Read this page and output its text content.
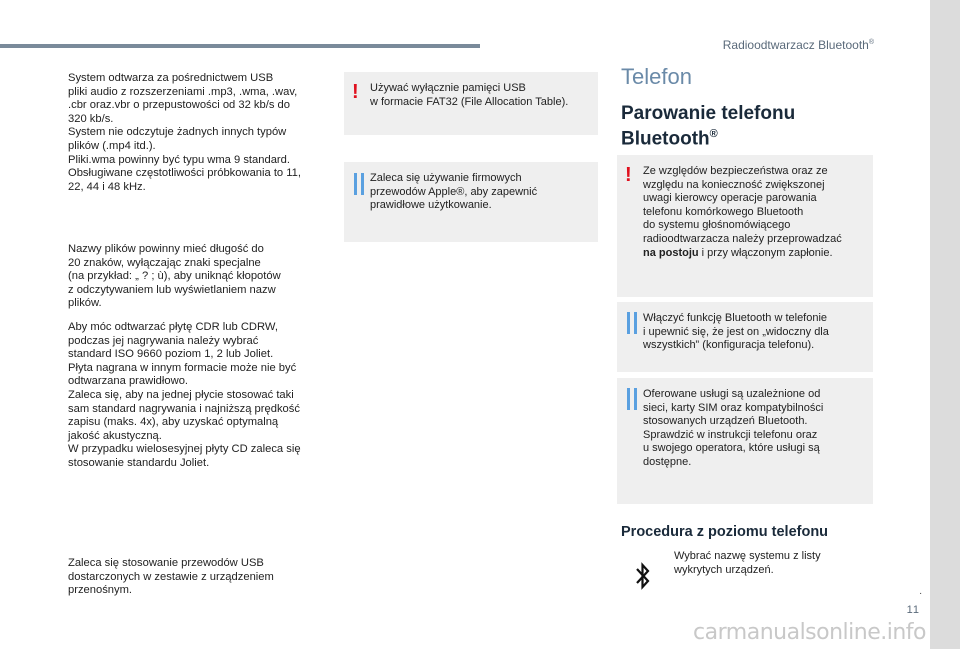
Radioodtwarzacz Bluetooth®
System odtwarza za pośrednictwem USB
pliki audio z rozszerzeniami .mp3, .wma, .wav,
.cbr oraz.vbr o przepustowości od 32 kb/s do
320 kb/s.
System nie odczytuje żadnych innych typów
plików (.mp4 itd.).
Pliki.wma powinny być typu wma 9 standard.
Obsługiwane częstotliwości próbkowania to 11,
22, 44 i 48 kHz.
Nazwy plików powinny mieć długość do
20 znaków, wyłączając znaki specjalne
(na przykład: „ ? ; ù), aby uniknąć kłopotów
z odczytywaniem lub wyświetlaniem nazw
plików.
Aby móc odtwarzać płytę CDR lub CDRW,
podczas jej nagrywania należy wybrać
standard ISO 9660 poziom 1, 2 lub Joliet.
Płyta nagrana w innym formacie może nie być
odtwarzana prawidłowo.
Zaleca się, aby na jednej płycie stosować taki
sam standard nagrywania i najniższą prędkość
zapisu (maks. 4x), aby uzyskać optymalną
jakość akustyczną.
W przypadku wielosesyjnej płyty CD zaleca się
stosowanie standardu Joliet.
Zaleca się stosowanie przewodów USB
dostarczonych w zestawie z urządzeniem
przenośnym.
! Używać wyłącznie pamięci USB
w formacie FAT32 (File Allocation Table).
Zaleca się używanie firmowych
przewodów Apple®, aby zapewnić
prawidłowe użytkowanie.
Telefon
Parowanie telefonu Bluetooth®
! Ze względów bezpieczeństwa oraz ze
względu na konieczność zwiększonej
uwagi kierowcy operacje parowania
telefonu komórkowego Bluetooth
do systemu głośnomówiącego
radioodtwarzacza należy przeprowadzać
na postoju i przy włączonym zapłonie.
Włączyć funkcję Bluetooth w telefonie
i upewnić się, że jest on „widoczny dla
wszystkich” (konfiguracja telefonu).
Oferowane usługi są uzależnione od
sieci, karty SIM oraz kompatybilności
stosowanych urządzeń Bluetooth.
Sprawdzić w instrukcji telefonu oraz
u swojego operatora, które usługi są
dostępne.
Procedura z poziomu telefonu
Wybrać nazwę systemu z listy
wykrytych urządzeń.
.
11
carmanualsonline.info
